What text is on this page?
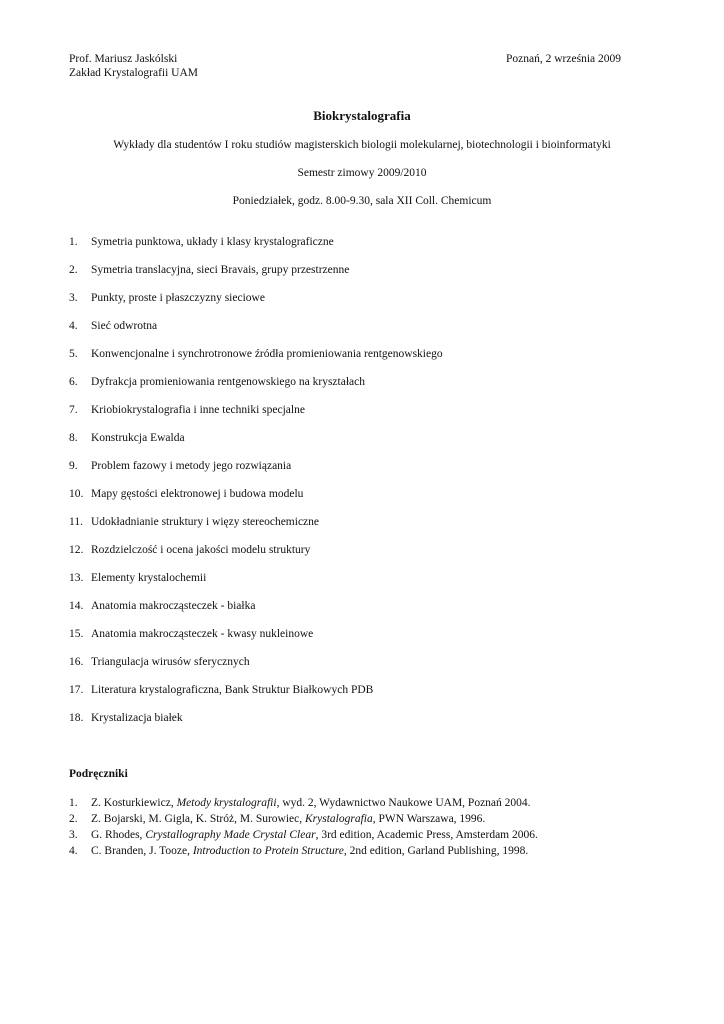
Prof. Mariusz Jaskólski
Zakład Krystalografii UAM
Poznań, 2 września 2009
Biokrystalografia
Wykłady dla studentów I roku studiów magisterskich biologii molekularnej, biotechnologii i bioinformatyki
Semestr zimowy 2009/2010
Poniedziałek, godz. 8.00-9.30, sala XII Coll. Chemicum
1.	Symetria punktowa, układy i klasy krystalograficzne
2.	Symetria translacyjna, sieci Bravais, grupy przestrzenne
3.	Punkty, proste i płaszczyzny sieciowe
4.	Sieć odwrotna
5.	Konwencjonalne i synchrotronowe źródła promieniowania rentgenowskiego
6.	Dyfrakcja promieniowania rentgenowskiego na kryształach
7.	Kriobiokrystalografia i inne techniki specjalne
8.	Konstrukcja Ewalda
9.	Problem fazowy i metody jego rozwiązania
10. Mapy gęstości elektronowej i budowa modelu
11. Udokładnianie struktury i więzy stereochemiczne
12. Rozdzielczość i ocena jakości modelu struktury
13. Elementy krystalochemii
14. Anatomia makrocząsteczek - białka
15. Anatomia makrocząsteczek - kwasy nukleinowe
16. Triangulacja wirusów sferycznych
17. Literatura krystalograficzna, Bank Struktur Białkowych PDB
18. Krystalizacja białek
Podręczniki
1.	Z. Kosturkiewicz, Metody krystalografii , wyd. 2, Wydawnictwo Naukowe UAM, Poznań 2004.
2.	Z. Bojarski, M. Gigla, K. Stróż, M. Surowiec, Krystalografia , PWN Warszawa, 1996.
3.	G. Rhodes, Crystallography Made Crystal Clear , 3rd edition, Academic Press, Amsterdam 2006.
4.	C. Branden, J. Tooze, Introduction to Protein Structure , 2nd edition, Garland Publishing, 1998.
